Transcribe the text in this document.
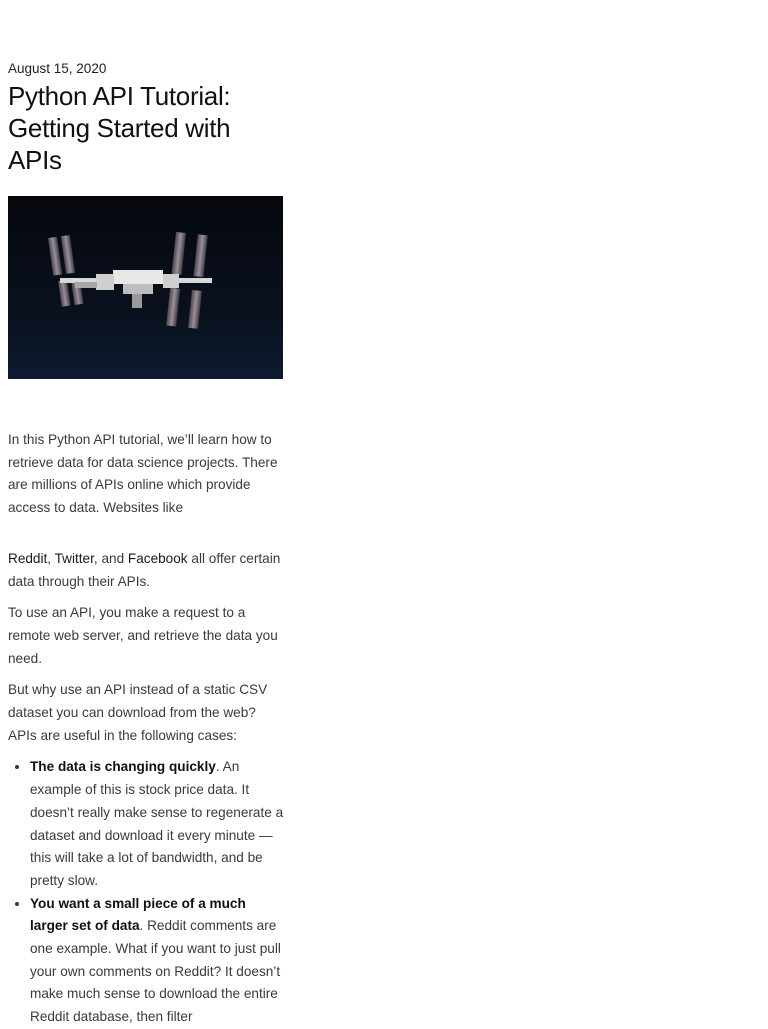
August 15, 2020
Python API Tutorial: Getting Started with APIs

In this Python API tutorial, we’ll learn how to retrieve data for data science projects. There are millions of APIs online which provide access to data. Websites like

Reddit, Twitter, and Facebook all offer certain data through their APIs.

To use an API, you make a request to a remote web server, and retrieve the data you need.

But why use an API instead of a static CSV dataset you can download from the web? APIs are useful in the following cases:

• The data is changing quickly. An example of this is stock price data. It doesn’t really make sense to regenerate a dataset and download it every minute — this will take a lot of bandwidth, and be pretty slow.
• You want a small piece of a much larger set of data. Reddit comments are one example. What if you want to just pull your own comments on Reddit? It doesn’t make much sense to download the entire Reddit database, then filter
